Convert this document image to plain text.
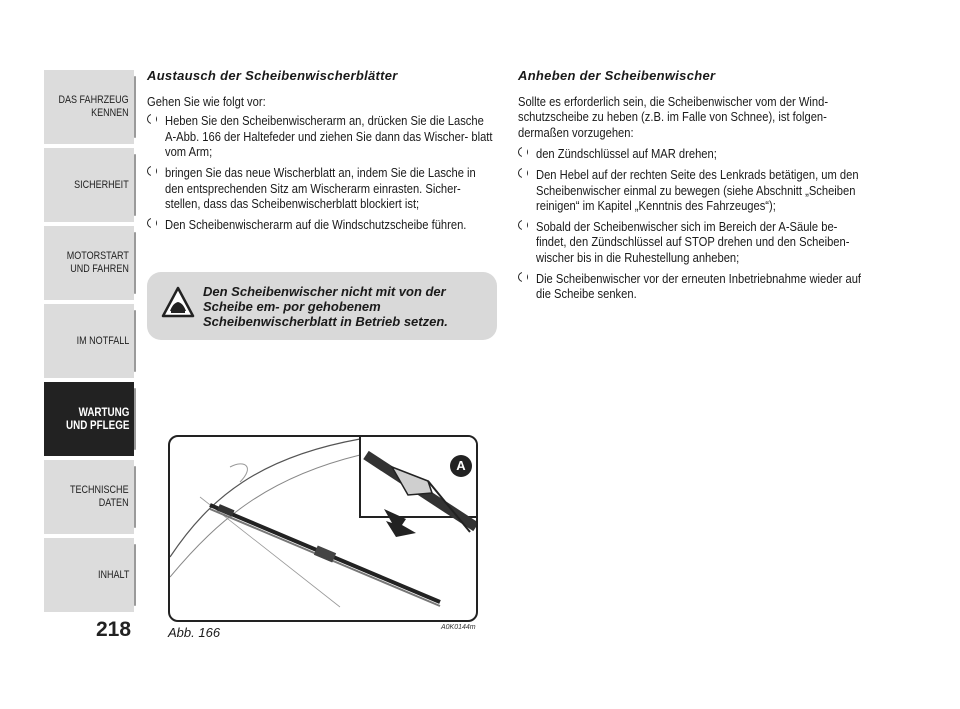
DAS FAHRZEUG
KENNEN
SICHERHEIT
MOTORSTART
UND FAHREN
IM NOTFALL
WARTUNG
UND PFLEGE
TECHNISCHE
DATEN
INHALT
218
Austausch der Scheibenwischerblätter
Gehen Sie wie folgt vor:
Heben Sie den Scheibenwischerarm an, drücken Sie die Lasche A-Abb. 166 der Haltefeder und ziehen Sie dann das Wischer- blatt vom Arm;
bringen Sie das neue Wischerblatt an, indem Sie die Lasche in den entsprechenden Sitz am Wischerarm einrasten. Sicher- stellen, dass das Scheibenwischerblatt blockiert ist;
Den Scheibenwischerarm auf die Windschutzscheibe führen.
Den Scheibenwischer nicht mit von der Scheibe em- por gehobenem Scheibenwischerblatt in Betrieb setzen.
Anheben der Scheibenwischer
Sollte es erforderlich sein, die Scheibenwischer vom der Wind- schutzscheibe zu heben (z.B. im Falle von Schnee), ist folgen- dermaßen vorzugehen:
den Zündschlüssel auf MAR drehen;
Den Hebel auf der rechten Seite des Lenkrads betätigen, um den Scheibenwischer einmal zu bewegen (siehe Abschnitt „Scheiben reinigen“ im Kapitel „Kenntnis des Fahrzeuges“);
Sobald der Scheibenwischer sich im Bereich der A-Säule be- findet, den Zündschlüssel auf STOP drehen und den Scheiben- wischer bis in die Ruhestellung anheben;
Die Scheibenwischer vor der erneuten Inbetriebnahme wieder auf die Scheibe senken.
A
Abb. 166	A0K0144m
